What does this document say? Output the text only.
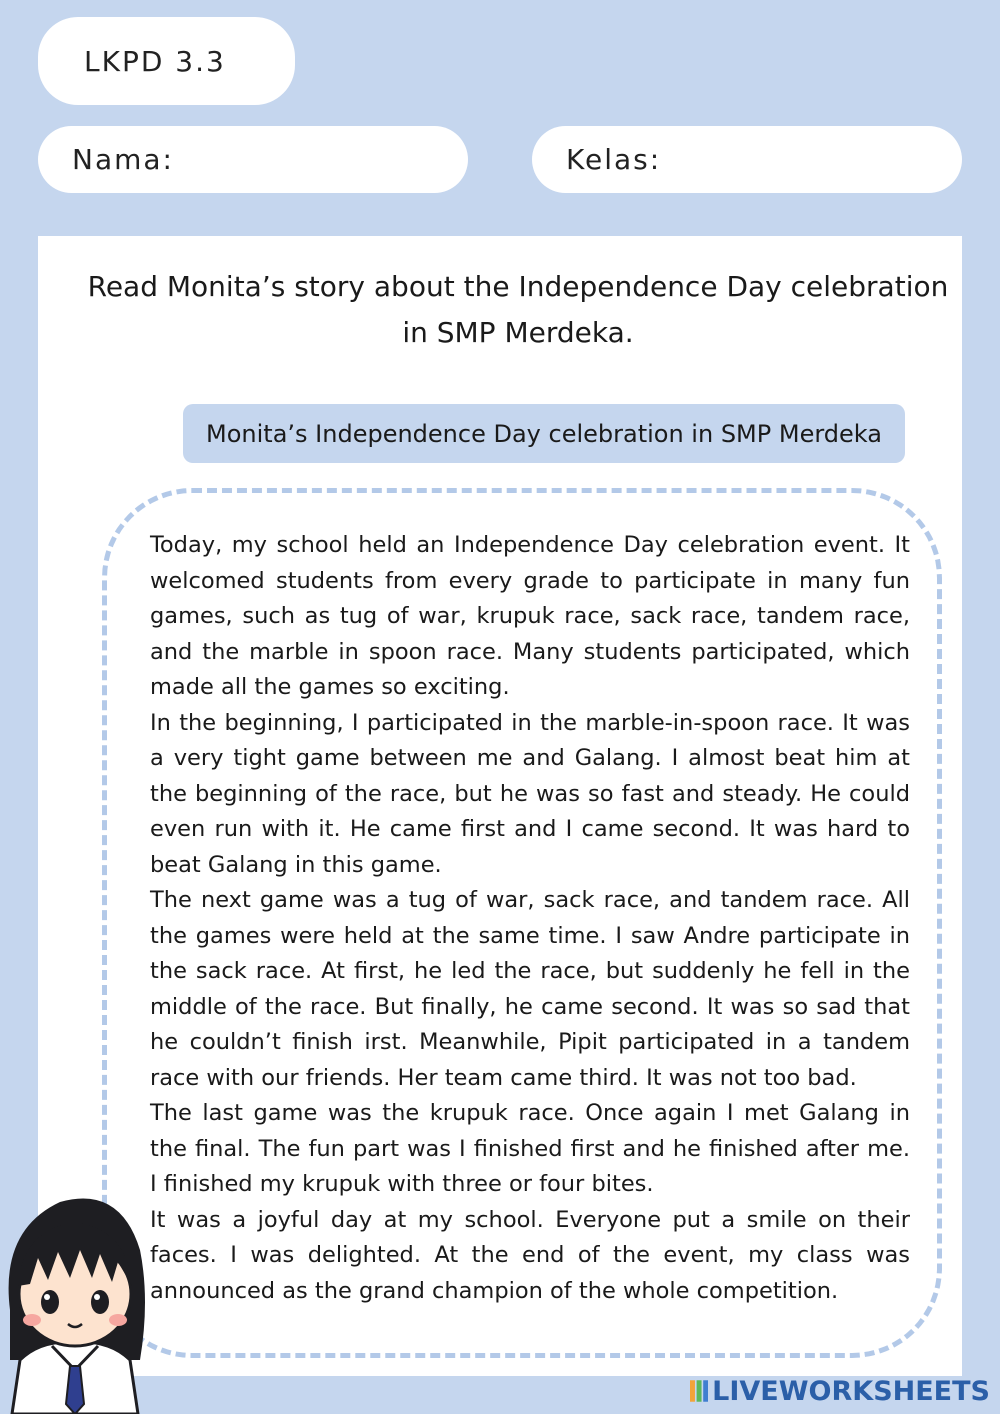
LKPD 3.3
Nama:	Kelas:
Read Monita’s story about the Independence Day celebration in SMP Merdeka.
Monita’s Independence Day celebration in SMP Merdeka

Today, my school held an Independence Day celebration event. It welcomed students from every grade to participate in many fun games, such as tug of war, krupuk race, sack race, tandem race, and the marble in spoon race. Many students participated, which made all the games so exciting.

In the beginning, I participated in the marble-in-spoon race. It was a very tight game between me and Galang. I almost beat him at the beginning of the race, but he was so fast and steady. He could even run with it. He came first and I came second. It was hard to beat Galang in this game.

The next game was a tug of war, sack race, and tandem race. All the games were held at the same time. I saw Andre participate in the sack race. At first, he led the race, but suddenly he fell in the middle of the race. But finally, he came second. It was so sad that he couldn’t finish irst. Meanwhile, Pipit participated in a tandem race with our friends. Her team came third. It was not too bad.

The last game was the krupuk race. Once again I met Galang in the final. The fun part was I finished first and he finished after me. I finished my krupuk with three or four bites.

It was a joyful day at my school. Everyone put a smile on their faces. I was delighted. At the end of the event, my class was announced as the grand champion of the whole competition.

LIVEWORKSHEETS
